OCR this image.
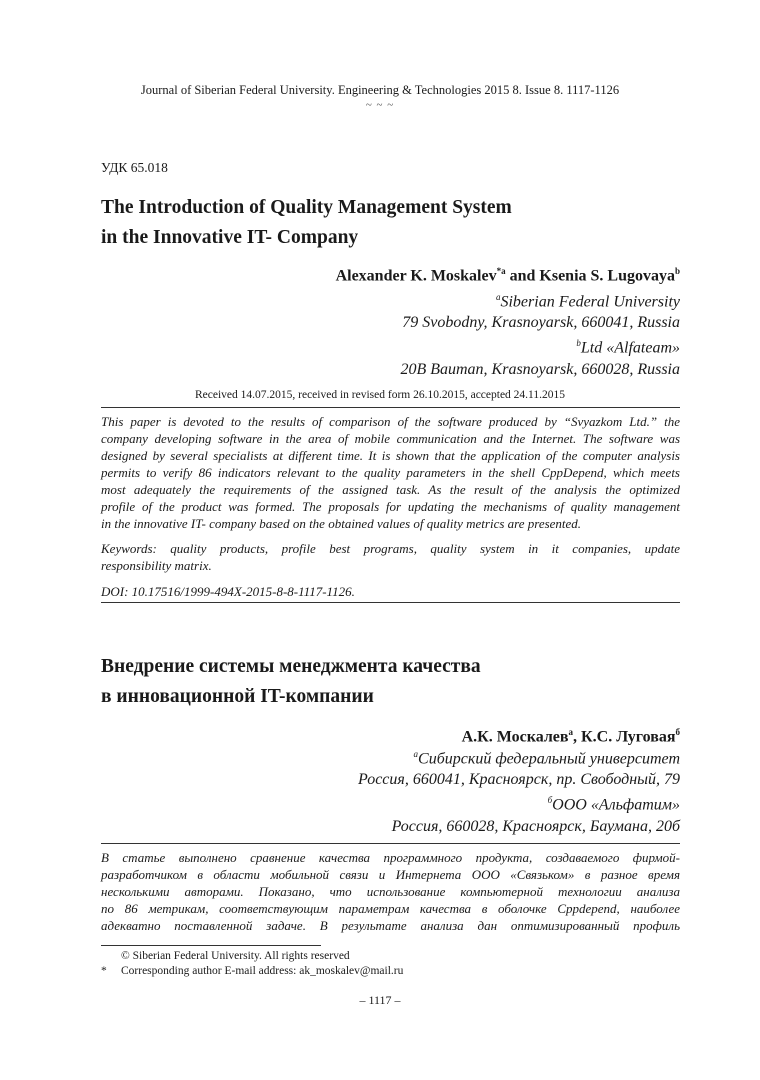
Journal of Siberian Federal University. Engineering & Technologies 2015 8. Issue 8. 1117-1126
~ ~ ~
УДК 65.018
The Introduction of Quality Management System
in the Innovative IT- Company
Alexander K. Moskalev$^{*a}$ and Ksenia S. Lugovaya$^b$
$^a$Siberian Federal University
79 Svobodny, Krasnoyarsk, 660041, Russia
$^b$Ltd «Alfateam»
20B Bauman, Krasnoyarsk, 660028, Russia
Received 14.07.2015, received in revised form 26.10.2015, accepted 24.11.2015
This paper is devoted to the results of comparison of the software produced by “Svyazkom Ltd.” the
company developing software in the area of mobile communication and the Internet. The software was
designed by several specialists at different time. It is shown that the application of the computer analysis
permits to verify 86 indicators relevant to the quality parameters in the shell CppDepend, which meets
most adequately the requirements of the assigned task. As the result of the analysis the optimized
profile of the product was formed. The proposals for updating the mechanisms of quality management
in the innovative IT- company based on the obtained values of quality metrics are presented.
Keywords: quality products, profile best programs, quality system in it companies, update
responsibility matrix.
DOI: 10.17516/1999-494X-2015-8-8-1117-1126.
Внедрение системы менеджмента качества
в инновационной IT-компании
А.К. Москалев$^а$, К.С. Луговая$^б$
$^а$Сибирский федеральный университет
Россия, 660041, Красноярск, пр. Свободный, 79
$^б$ООО «Альфатим»
Россия, 660028, Красноярск, Баумана, 20б
В статье выполнено сравнение качества программного продукта, создаваемого фирмой-
разработчиком в области мобильной связи и Интернета ООО «Связьком» в разное время
несколькими авторами. Показано, что использование компьютерной технологии анализа
по 86 метрикам, соответствующим параметрам качества в оболочке Cppdepend, наиболее
адекватно поставленной задаче. В результате анализа дан оптимизированный профиль
© Siberian Federal University. All rights reserved
* Corresponding author E-mail address: ak_moskalev@mail.ru
– 1117 –
